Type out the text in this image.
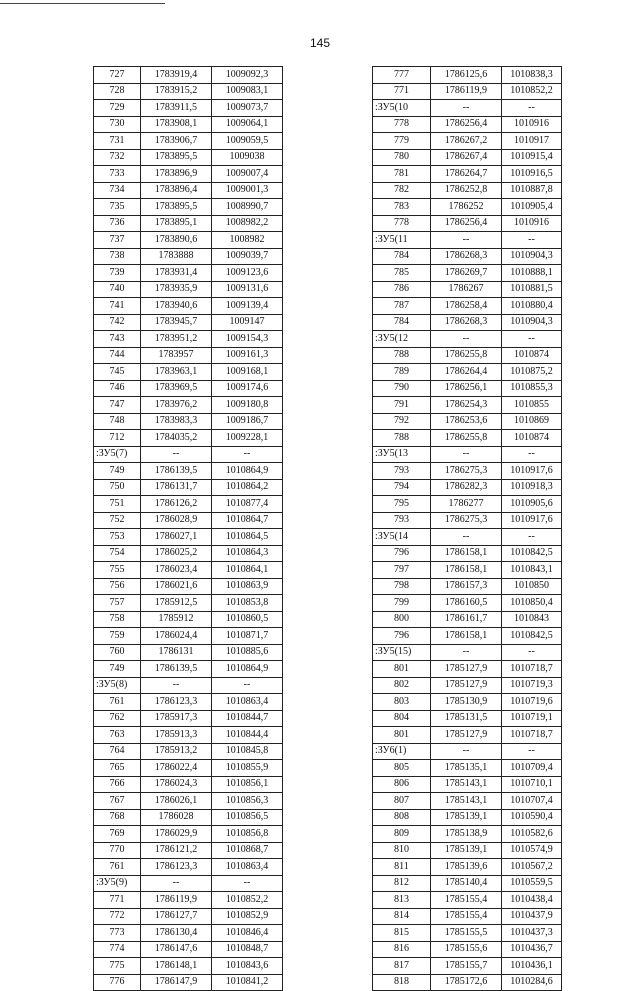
145
727	1783919,4	1009092,3
728	1783915,2	1009083,1
729	1783911,5	1009073,7
730	1783908,1	1009064,1
731	1783906,7	1009059,5
732	1783895,5	1009038
733	1783896,9	1009007,4
734	1783896,4	1009001,3
735	1783895,5	1008990,7
736	1783895,1	1008982,2
737	1783890,6	1008982
738	1783888	1009039,7
739	1783931,4	1009123,6
740	1783935,9	1009131,6
741	1783940,6	1009139,4
742	1783945,7	1009147
743	1783951,2	1009154,3
744	1783957	1009161,3
745	1783963,1	1009168,1
746	1783969,5	1009174,6
747	1783976,2	1009180,8
748	1783983,3	1009186,7
712	1784035,2	1009228,1
:ЗУ5(7)	--	--
749	1786139,5	1010864,9
750	1786131,7	1010864,2
751	1786126,2	1010877,4
752	1786028,9	1010864,7
753	1786027,1	1010864,5
754	1786025,2	1010864,3
755	1786023,4	1010864,1
756	1786021,6	1010863,9
757	1785912,5	1010853,8
758	1785912	1010860,5
759	1786024,4	1010871,7
760	1786131	1010885,6
749	1786139,5	1010864,9
:ЗУ5(8)	--	--
761	1786123,3	1010863,4
762	1785917,3	1010844,7
763	1785913,3	1010844,4
764	1785913,2	1010845,8
765	1786022,4	1010855,9
766	1786024,3	1010856,1
767	1786026,1	1010856,3
768	1786028	1010856,5
769	1786029,9	1010856,8
770	1786121,2	1010868,7
761	1786123,3	1010863,4
:ЗУ5(9)	--	--
771	1786119,9	1010852,2
772	1786127,7	1010852,9
773	1786130,4	1010846,4
774	1786147,6	1010848,7
775	1786148,1	1010843,6
776	1786147,9	1010841,2
777	1786125,6	1010838,3
771	1786119,9	1010852,2
:ЗУ5(10	--	--
778	1786256,4	1010916
779	1786267,2	1010917
780	1786267,4	1010915,4
781	1786264,7	1010916,5
782	1786252,8	1010887,8
783	1786252	1010905,4
778	1786256,4	1010916
:ЗУ5(11	--	--
784	1786268,3	1010904,3
785	1786269,7	1010888,1
786	1786267	1010881,5
787	1786258,4	1010880,4
784	1786268,3	1010904,3
:ЗУ5(12	--	--
788	1786255,8	1010874
789	1786264,4	1010875,2
790	1786256,1	1010855,3
791	1786254,3	1010855
792	1786253,6	1010869
788	1786255,8	1010874
:ЗУ5(13	--	--
793	1786275,3	1010917,6
794	1786282,3	1010918,3
795	1786277	1010905,6
793	1786275,3	1010917,6
:ЗУ5(14	--	--
796	1786158,1	1010842,5
797	1786158,1	1010843,1
798	1786157,3	1010850
799	1786160,5	1010850,4
800	1786161,7	1010843
796	1786158,1	1010842,5
:ЗУ5(15)	--	--
801	1785127,9	1010718,7
802	1785127,9	1010719,3
803	1785130,9	1010719,6
804	1785131,5	1010719,1
801	1785127,9	1010718,7
:ЗУ6(1)	--	--
805	1785135,1	1010709,4
806	1785143,1	1010710,1
807	1785143,1	1010707,4
808	1785139,1	1010590,4
809	1785138,9	1010582,6
810	1785139,1	1010574,9
811	1785139,6	1010567,2
812	1785140,4	1010559,5
813	1785155,4	1010438,4
814	1785155,4	1010437,9
815	1785155,5	1010437,3
816	1785155,6	1010436,7
817	1785155,7	1010436,1
818	1785172,6	1010284,6
